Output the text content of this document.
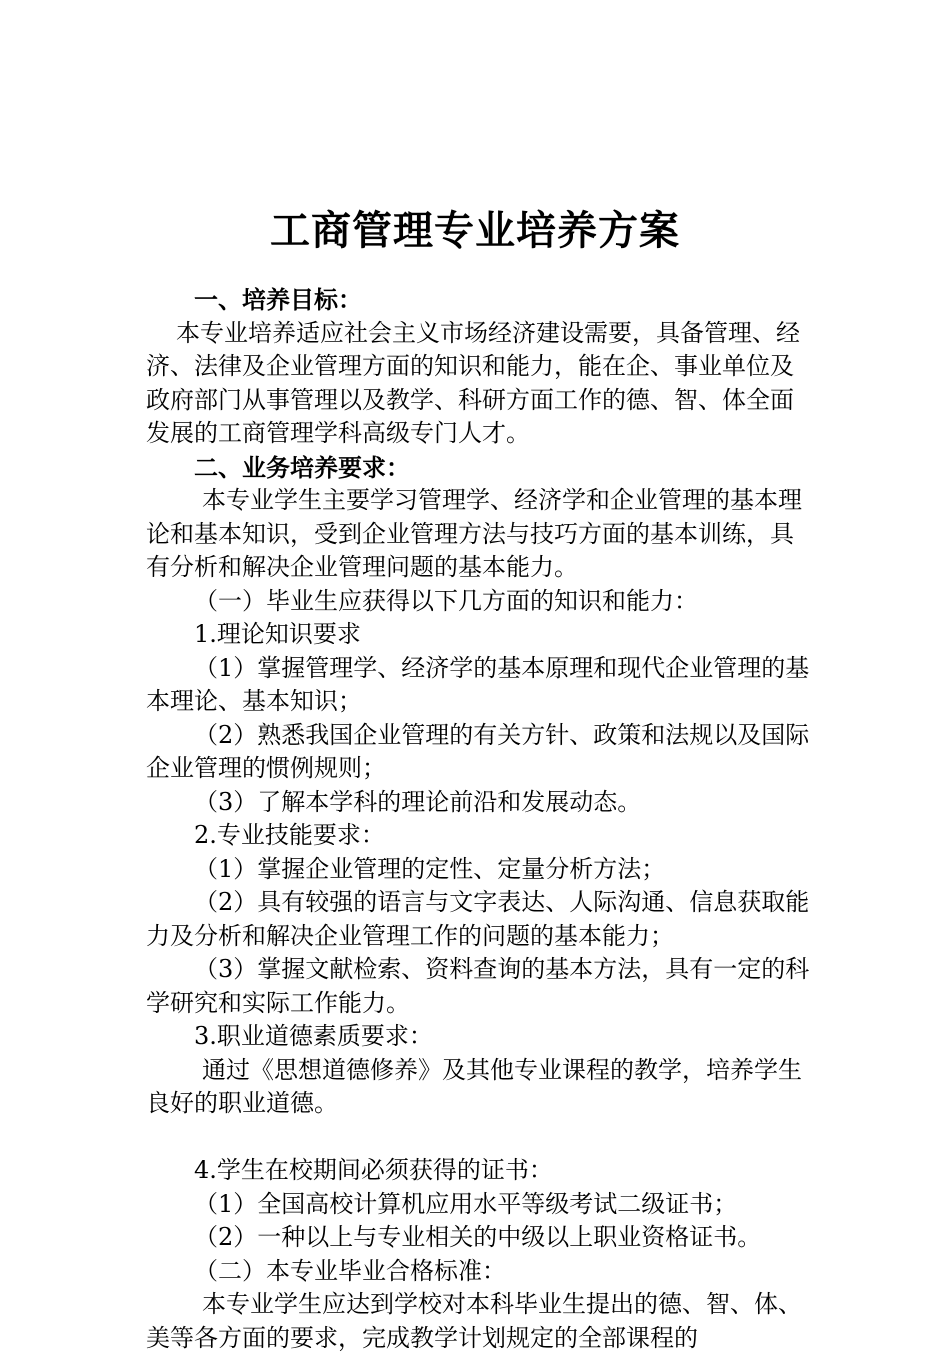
工商管理专业培养方案

一、培养目标：

本专业培养适应社会主义市场经济建设需要，具备管理、经济、法律及企业管理方面的知识和能力，能在企、事业单位及政府部门从事管理以及教学、科研方面工作的德、智、体全面发展的工商管理学科高级专门人才。

二、业务培养要求：

本专业学生主要学习管理学、经济学和企业管理的基本理论和基本知识，受到企业管理方法与技巧方面的基本训练，具有分析和解决企业管理问题的基本能力。

（一）毕业生应获得以下几方面的知识和能力：

1.理论知识要求

（1）掌握管理学、经济学的基本原理和现代企业管理的基本理论、基本知识；

（2）熟悉我国企业管理的有关方针、政策和法规以及国际企业管理的惯例规则；

（3）了解本学科的理论前沿和发展动态。

2.专业技能要求：

（1）掌握企业管理的定性、定量分析方法；

（2）具有较强的语言与文字表达、人际沟通、信息获取能力及分析和解决企业管理工作的问题的基本能力；

（3）掌握文献检索、资料查询的基本方法，具有一定的科学研究和实际工作能力。

3.职业道德素质要求：

通过《思想道德修养》及其他专业课程的教学，培养学生良好的职业道德。

4.学生在校期间必须获得的证书：

（1）全国高校计算机应用水平等级考试二级证书；

（2）一种以上与专业相关的中级以上职业资格证书。

（二）本专业毕业合格标准：

本专业学生应达到学校对本科毕业生提出的德、智、体、美等各方面的要求，完成教学计划规定的全部课程的
